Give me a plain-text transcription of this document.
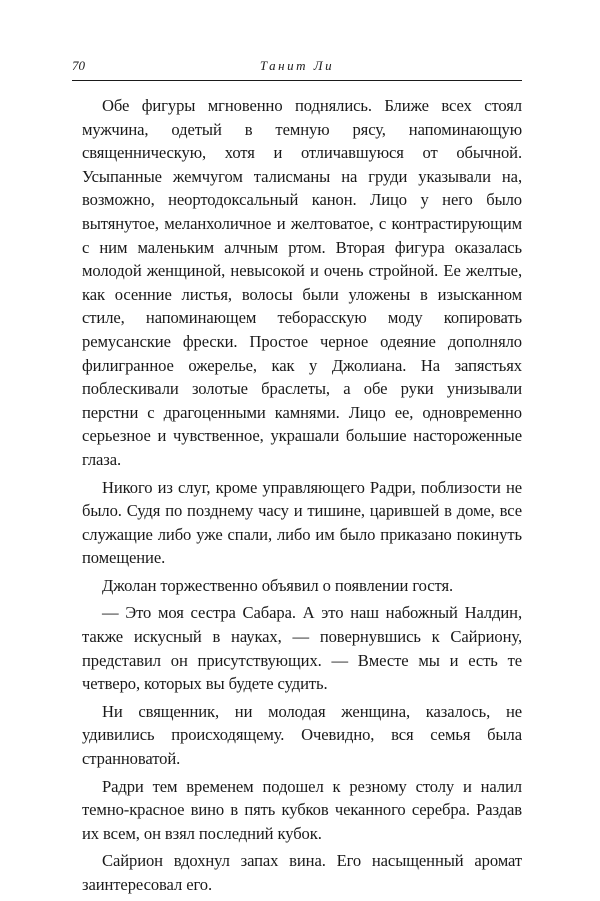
70	Танит Ли

Обе фигуры мгновенно поднялись. Ближе всех стоял мужчина, одетый в темную рясу, напоминающую священническую, хотя и отличавшуюся от обычной. Усыпанные жемчугом талисманы на груди указывали на, возможно, неортодоксальный канон. Лицо у него было вытянутое, меланхоличное и желтоватое, с контрастирующим с ним маленьким алчным ртом. Вторая фигура оказалась молодой женщиной, невысокой и очень стройной. Ее желтые, как осенние листья, волосы были уложены в изысканном стиле, напоминающем теборасскую моду копировать ремусанские фрески. Простое черное одеяние дополняло филигранное ожерелье, как у Джолиана. На запястьях поблескивали золотые браслеты, а обе руки унизывали перстни с драгоценными камнями. Лицо ее, одновременно серьезное и чувственное, украшали большие настороженные глаза.

Никого из слуг, кроме управляющего Радри, поблизости не было. Судя по позднему часу и тишине, царившей в доме, все служащие либо уже спали, либо им было приказано покинуть помещение.

Джолан торжественно объявил о появлении гостя.

— Это моя сестра Сабара. А это наш набожный Налдин, также искусный в науках, — повернувшись к Сайриону, представил он присутствующих. — Вместе мы и есть те четверо, которых вы будете судить.

Ни священник, ни молодая женщина, казалось, не удивились происходящему. Очевидно, вся семья была странноватой.

Радри тем временем подошел к резному столу и налил темно-красное вино в пять кубков чеканного серебра. Раздав их всем, он взял последний кубок.

Сайрион вдохнул запах вина. Его насыщенный аромат заинтересовал его.
